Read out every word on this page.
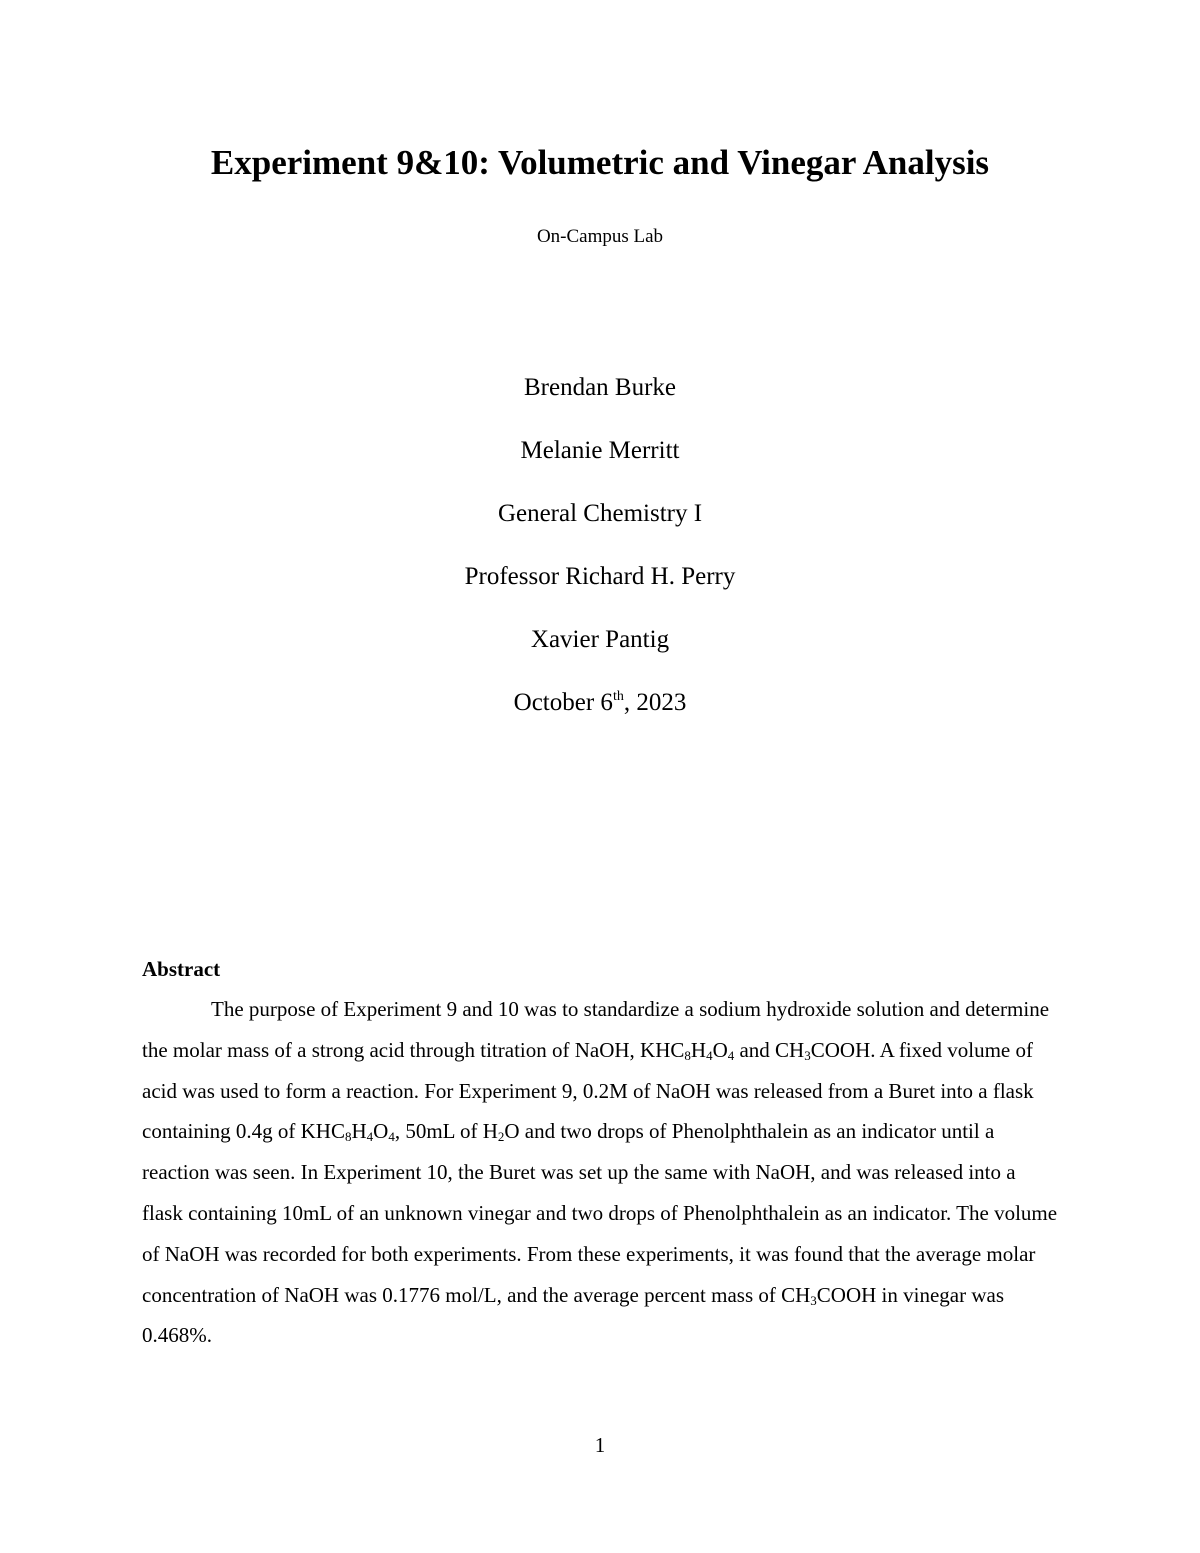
Experiment 9&10: Volumetric and Vinegar Analysis

On-Campus Lab

Brendan Burke
Melanie Merritt
General Chemistry I
Professor Richard H. Perry
Xavier Pantig
October 6th, 2023
Abstract

The purpose of Experiment 9 and 10 was to standardize a sodium hydroxide solution and determine the molar mass of a strong acid through titration of NaOH, $KHC_8H_4O_4$ and $CH_3COOH$. A fixed volume of acid was used to form a reaction. For Experiment 9, 0.2M of NaOH was released from a Buret into a flask containing 0.4g of $KHC_8H_4O_4$, 50mL of $H_2O$ and two drops of Phenolphthalein as an indicator until a reaction was seen. In Experiment 10, the Buret was set up the same with NaOH, and was released into a flask containing 10mL of an unknown vinegar and two drops of Phenolphthalein as an indicator. The volume of NaOH was recorded for both experiments. From these experiments, it was found that the average molar concentration of NaOH was 0.1776 mol/L, and the average percent mass of $CH_3COOH$ in vinegar was 0.468%.

1
